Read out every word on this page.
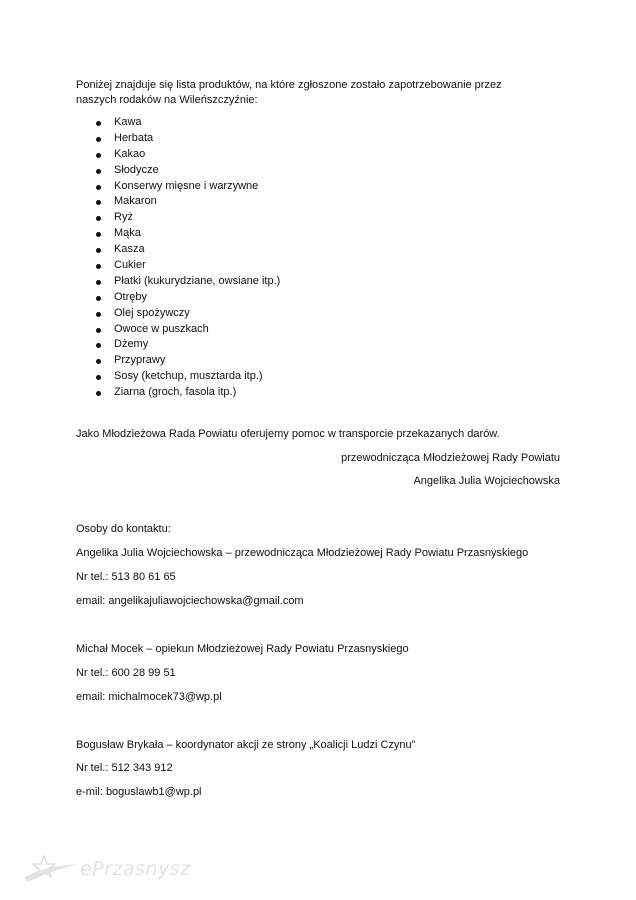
Poniżej znajduje się lista produktów, na które zgłoszone zostało zapotrzebowanie przez naszych rodaków na Wileńszczyźnie:

Kawa
Herbata
Kakao
Słodycze
Konserwy mięsne i warzywne
Makaron
Ryż
Mąka
Kasza
Cukier
Płatki (kukurydziane, owsiane itp.)
Otręby
Olej spożywczy
Owoce w puszkach
Dżemy
Przyprawy
Sosy (ketchup, musztarda itp.)
Ziarna (groch, fasola itp.)

Jako Młodzieżowa Rada Powiatu oferujemy pomoc w transporcie przekazanych darów.

przewodnicząca Młodzieżowej Rady Powiatu

Angelika Julia Wojciechowska

Osoby do kontaktu:

Angelika Julia Wojciechowska – przewodnicząca Młodzieżowej Rady Powiatu Przasnyskiego

Nr tel.: 513 80 61 65

email: angelikajuliawojciechowska@gmail.com

Michał Mocek – opiekun Młodzieżowej Rady Powiatu Przasnyskiego

Nr tel.: 600 28 99 51

email: michalmocek73@wp.pl

Bogusław Brykała – koordynator akcji ze strony „Koalicji Ludzi Czynu”

Nr tel.: 512 343 912

e-mil: boguslawb1@wp.pl

ePrzasnysz
